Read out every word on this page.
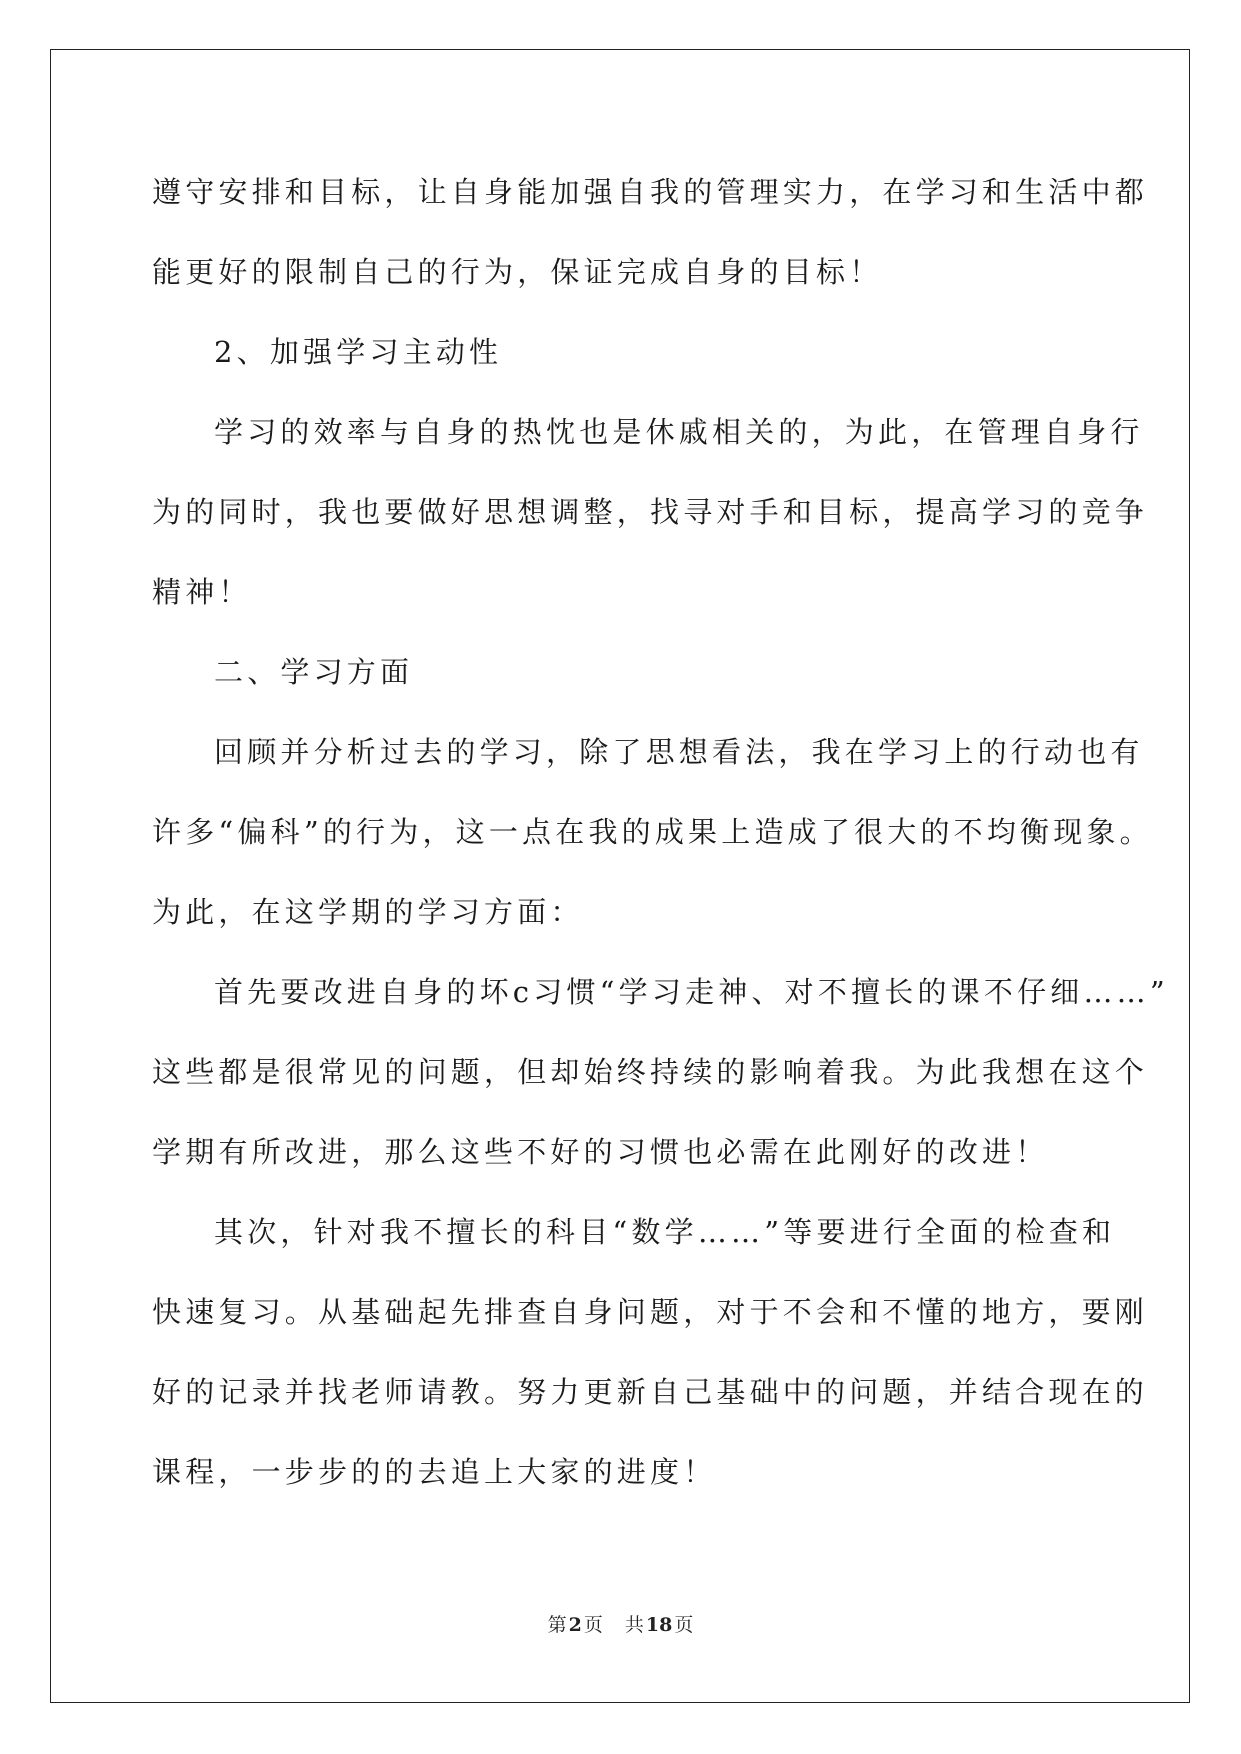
遵守安排和目标，让自身能加强自我的管理实力，在学习和生活中都
能更好的限制自己的行为，保证完成自身的目标！
2、加强学习主动性
学习的效率与自身的热忱也是休戚相关的，为此，在管理自身行
为的同时，我也要做好思想调整，找寻对手和目标，提高学习的竞争
精神！
二、学习方面
回顾并分析过去的学习，除了思想看法，我在学习上的行动也有
许多“偏科”的行为，这一点在我的成果上造成了很大的不均衡现象。
为此，在这学期的学习方面：
首先要改进自身的坏c习惯“学习走神、对不擅长的课不仔细……”
这些都是很常见的问题，但却始终持续的影响着我。为此我想在这个
学期有所改进，那么这些不好的习惯也必需在此刚好的改进！
其次，针对我不擅长的科目“数学……”等要进行全面的检查和
快速复习。从基础起先排查自身问题，对于不会和不懂的地方，要刚
好的记录并找老师请教。努力更新自己基础中的问题，并结合现在的
课程，一步步的的去追上大家的进度！
第 2 页 共 18 页
